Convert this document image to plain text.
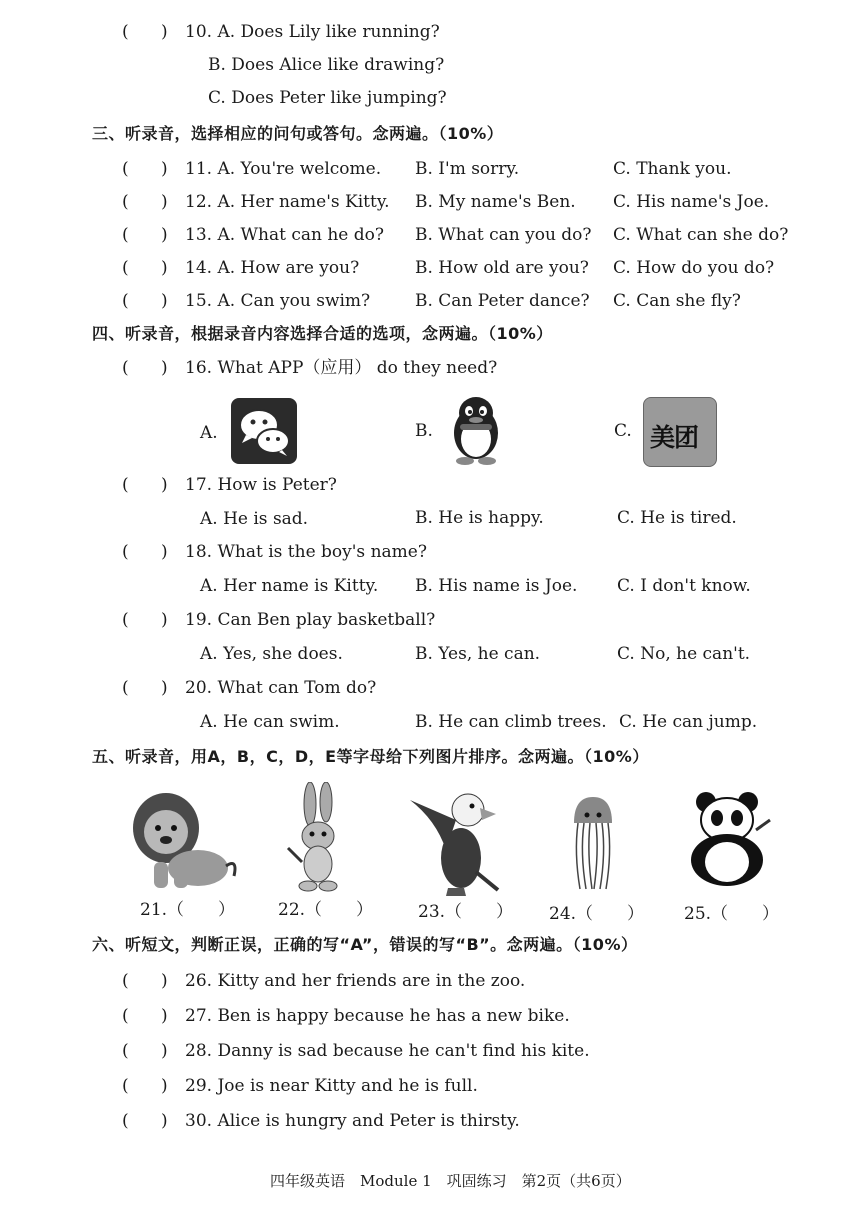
(      ) 10. A. Does Lily like running?
B. Does Alice like drawing?
C. Does Peter like jumping?
三、听录音，选择相应的问句或答句。念两遍。（10%）
(      ) 11. A. You're welcome. B. I'm sorry.	C. Thank you.
(      ) 12. A. Her name's Kitty. B. My name's Ben. C. His name's Joe.
(      ) 13. A. What can he do? B. What can you do? C. What can she do?
(      ) 14. A. How are you?	B. How old are you? C. How do you do?
(      ) 15. A. Can you swim?	B. Can Peter dance? C. Can she fly?
四、听录音，根据录音内容选择合适的选项，念两遍。（10%）
(      ) 16. What APP（应用） do they need?
A.	B.	C. 美团
(      ) 17. How is Peter?
A. He is sad.	B. He is happy.	C. He is tired.
(      ) 18. What is the boy's name?
A. Her name is Kitty. B. His name is Joe. C. I don't know.
(      ) 19. Can Ben play basketball?
A. Yes, she does.	B. Yes, he can.	C. No, he can't.
(      ) 20. What can Tom do?
A. He can swim.	B. He can climb trees. C. He can jump.
五、听录音，用A，B，C，D，E等字母给下列图片排序。念两遍。（10%）
21.（　　）	22.（　　）	23.（　　） 24.（　　） 25.（　　）
六、听短文，判断正误，正确的写“A”，错误的写“B”。念两遍。（10%）
(      ) 26. Kitty and her friends are in the zoo.
(      ) 27. Ben is happy because he has a new bike.
(      ) 28. Danny is sad because he can't find his kite.
(      ) 29. Joe is near Kitty and he is full.
(      ) 30. Alice is hungry and Peter is thirsty.
四年级英语　Module 1　巩固练习　第2页（共6页）
